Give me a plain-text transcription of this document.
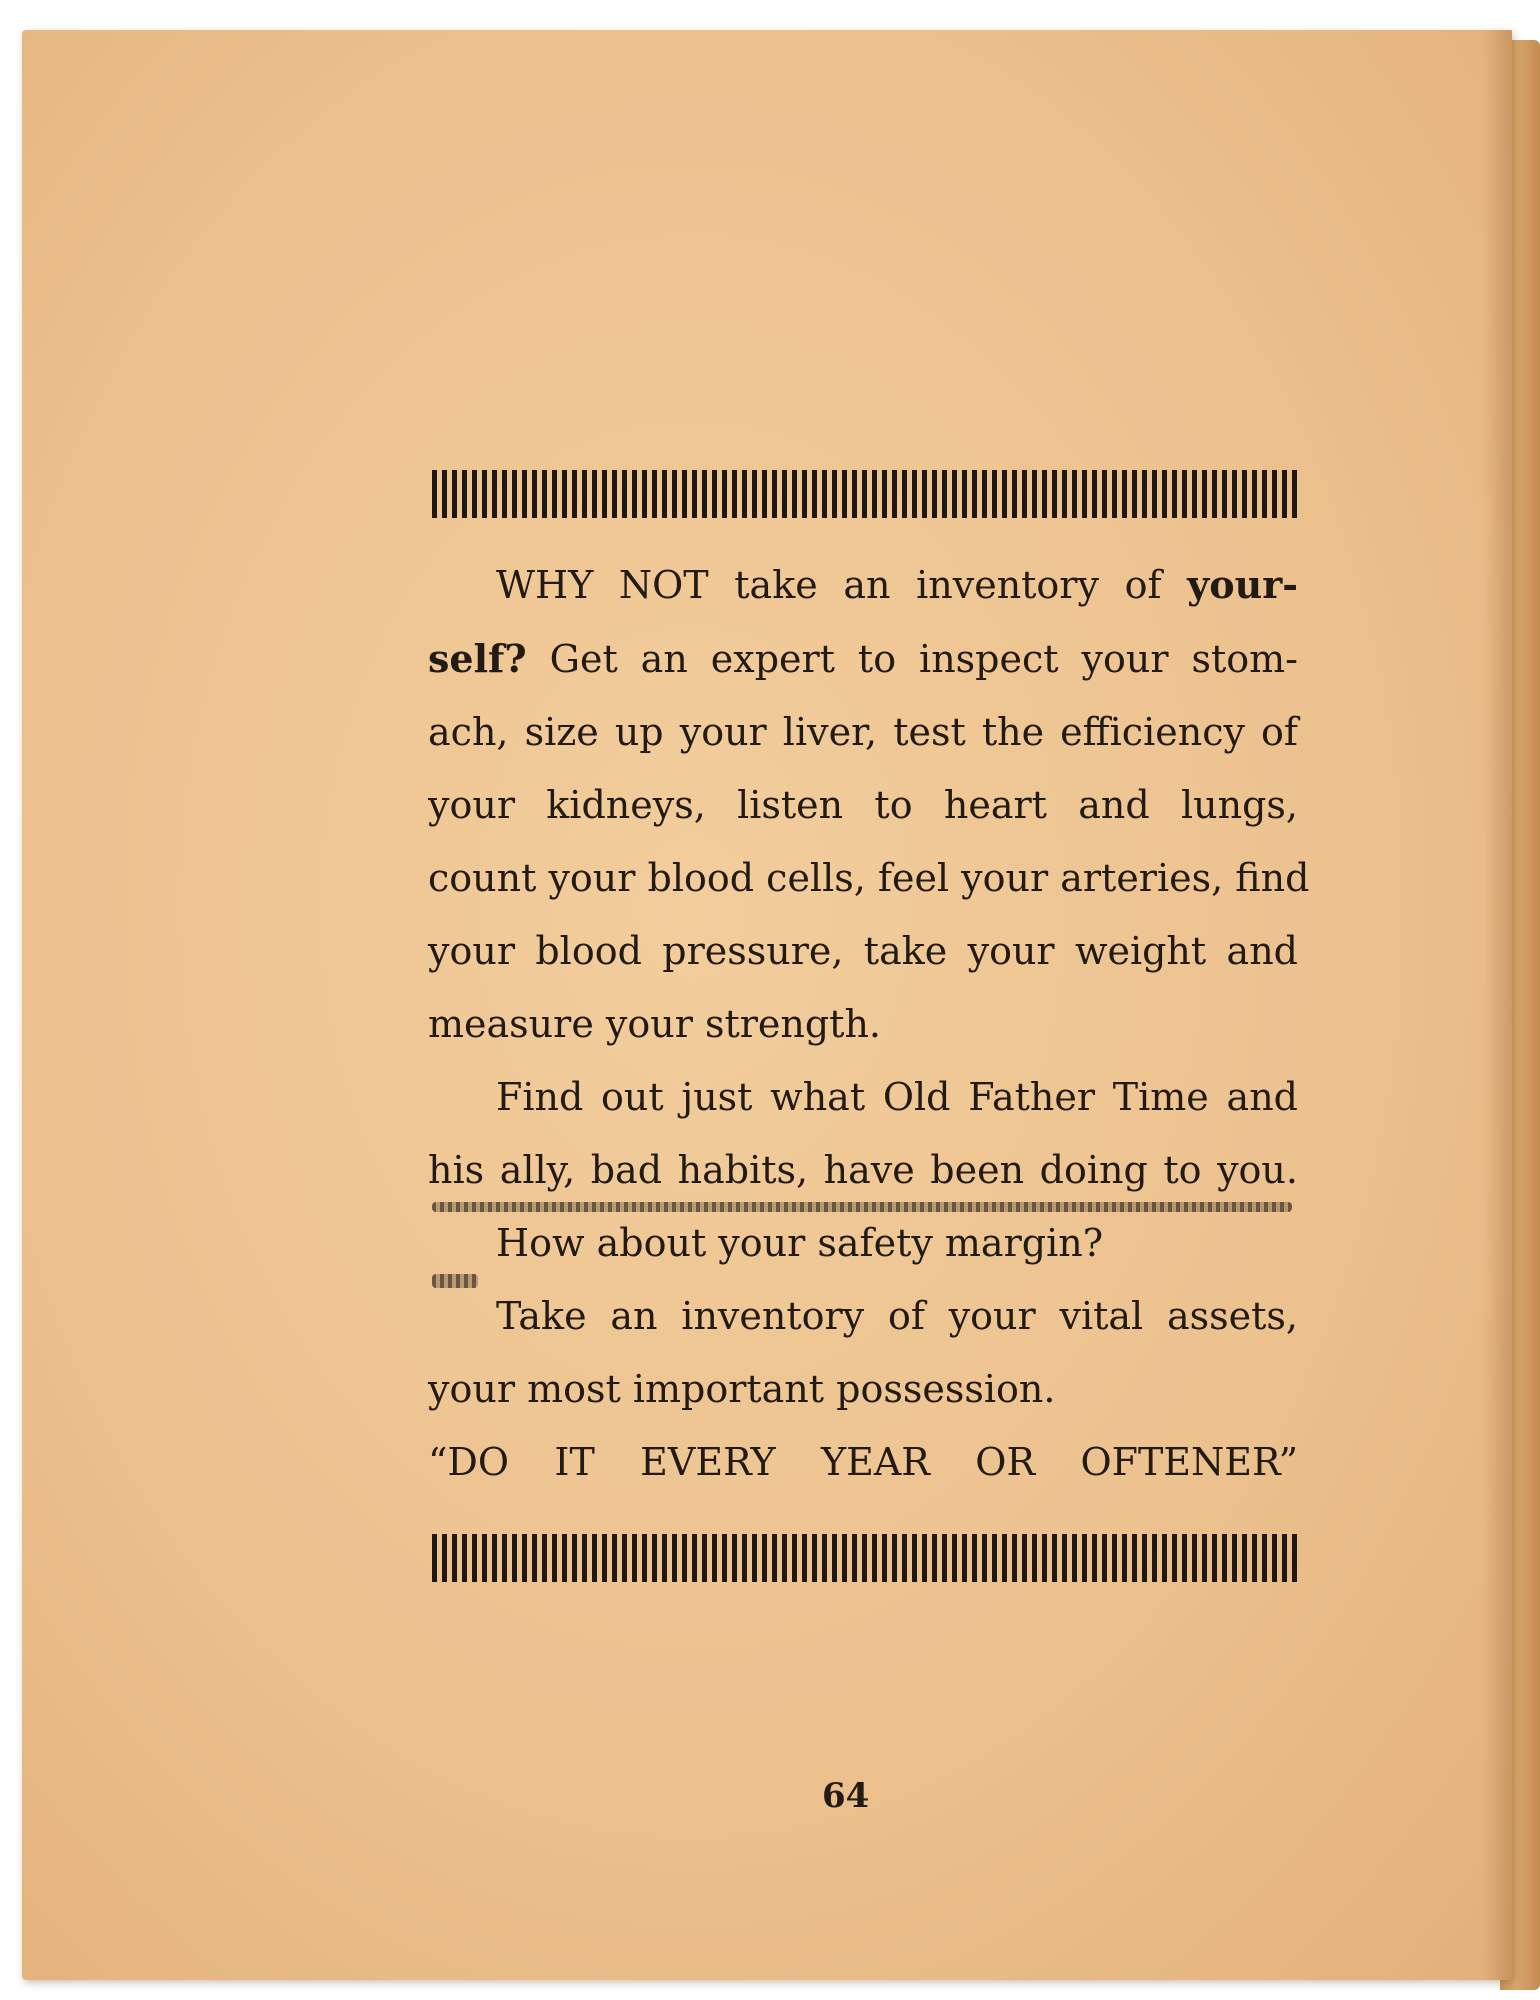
WHY NOT take an inventory of your-
self? Get an expert to inspect your stom-
ach, size up your liver, test the efficiency of
your kidneys, listen to heart and lungs,
count your blood cells, feel your arteries, find
your blood pressure, take your weight and
measure your strength.
Find out just what Old Father Time and
his ally, bad habits, have been doing to you.
How about your safety margin?
Take an inventory of your vital assets,
your most important possession.
“DO IT EVERY YEAR OR OFTENER”
64
